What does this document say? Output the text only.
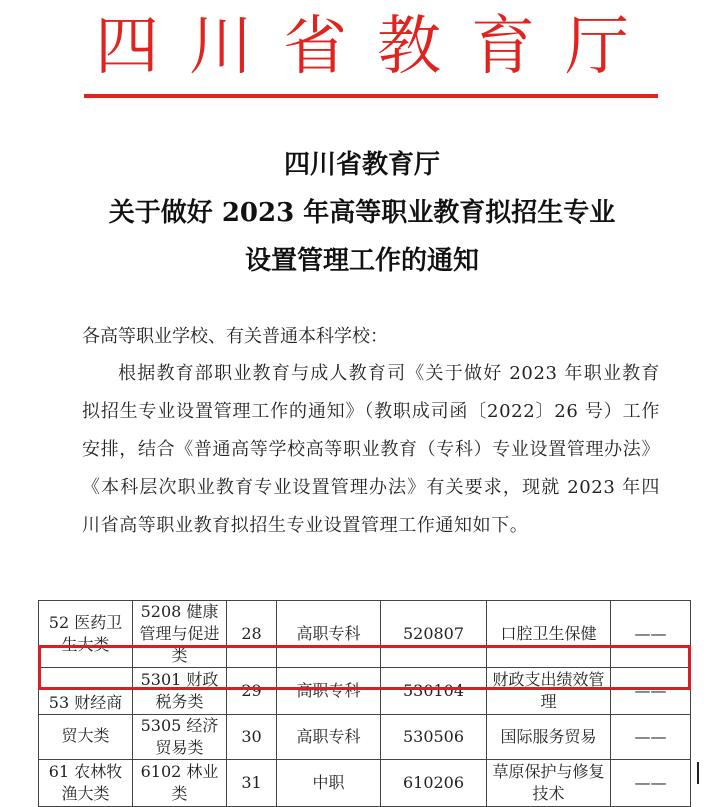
四 川 省 教 育 厅
四川省教育厅
关于做好 2023 年高等职业教育拟招生专业
设置管理工作的通知
各高等职业学校、有关普通本科学校：
根据教育部职业教育与成人教育司《关于做好 2023 年职业教育拟招生专业设置管理工作的通知》（教职成司函〔2022〕26 号）工作安排，结合《普通高等学校高等职业教育（专科）专业设置管理办法》《本科层次职业教育专业设置管理办法》有关要求，现就 2023 年四川省高等职业教育拟招生专业设置管理工作通知如下。
52 医药卫生大类	5208 健康管理与促进类	28	高职专科	520807	口腔卫生保健	——

53 财经商	5301 财政税务类	29	高职专科	530104	财政支出绩效管理	——

贸大类	5305 经济贸易类	30	高职专科	530506	国际服务贸易	——
61 农林牧渔大类	6102 林业类	31	中职	610206	草原保护与修复技术	——
